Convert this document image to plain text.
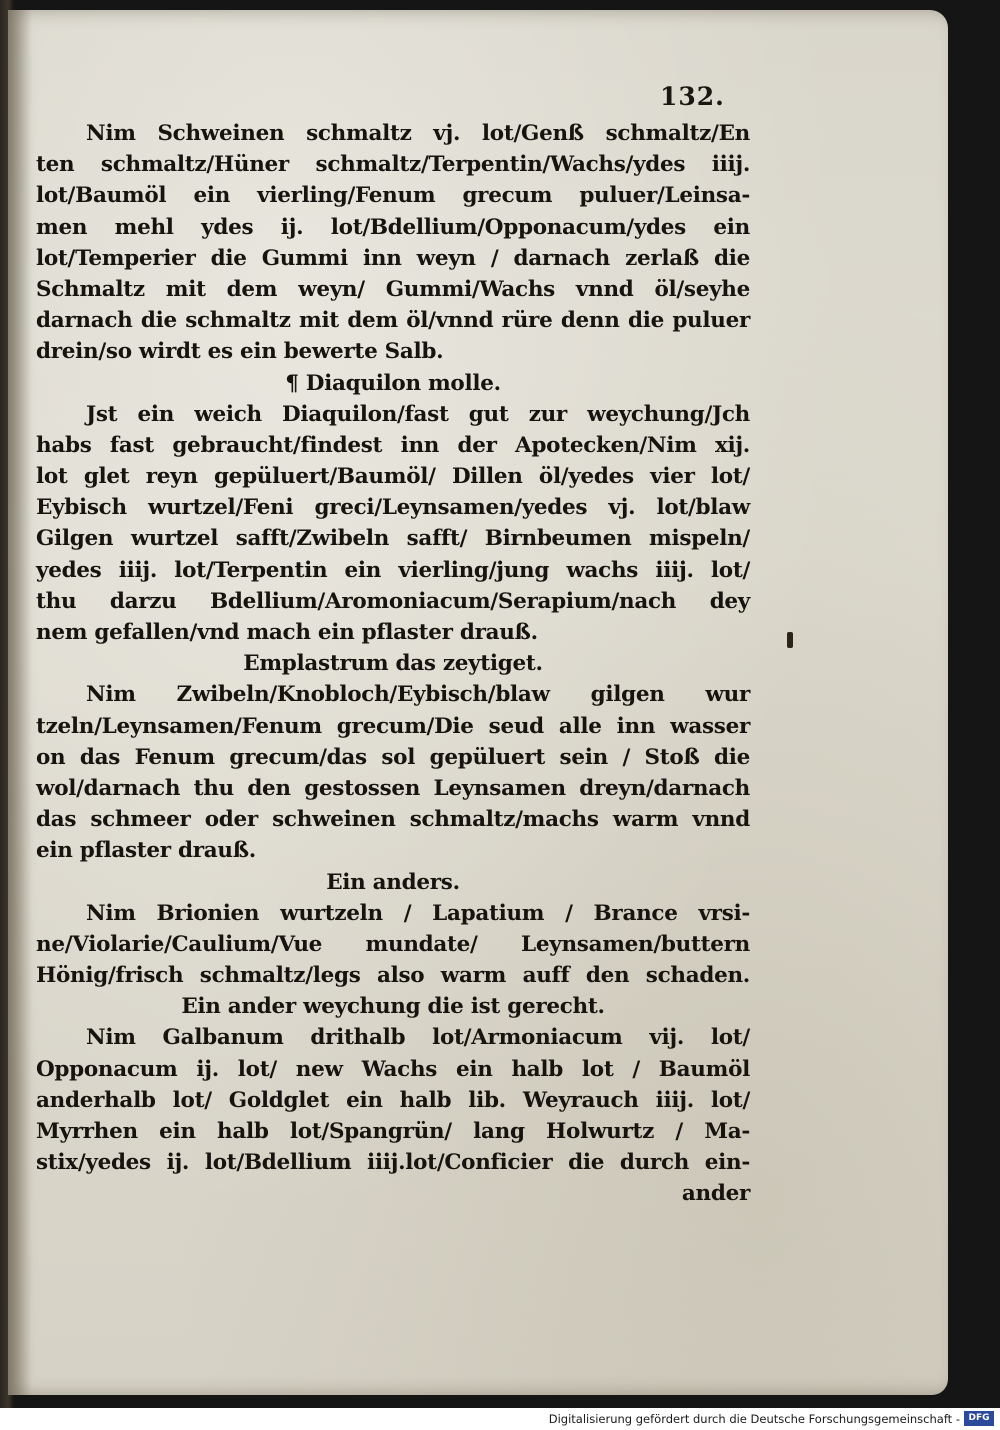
132.
Nim Schweinen schmaltz vj. lot/Genß schmaltz/En
ten schmaltz/Hüner schmaltz/Terpentin/Wachs/ydes iiij.
lot/Baumöl ein vierling/Fenum grecum puluer/Leinsa-
men mehl ydes ij. lot/Bdellium/Opponacum/ydes ein
lot/Temperier die Gummi inn weyn / darnach zerlaß die
Schmaltz mit dem weyn/ Gummi/Wachs vnnd öl/seyhe
darnach die schmaltz mit dem öl/vnnd rüre denn die puluer
drein/so wirdt es ein bewerte Salb.
¶ Diaquilon molle.
Jst ein weich Diaquilon/fast gut zur weychung/Jch
habs fast gebraucht/findest inn der Apotecken/Nim xij.
lot glet reyn gepüluert/Baumöl/ Dillen öl/yedes vier lot/
Eybisch wurtzel/Feni greci/Leynsamen/yedes vj. lot/blaw
Gilgen wurtzel safft/Zwibeln safft/ Birnbeumen mispeln/
yedes iiij. lot/Terpentin ein vierling/jung wachs iiij. lot/
thu darzu Bdellium/Aromoniacum/Serapium/nach dey
nem gefallen/vnd mach ein pflaster drauß.
Emplastrum das zeytiget.
Nim Zwibeln/Knobloch/Eybisch/blaw gilgen wur
tzeln/Leynsamen/Fenum grecum/Die seud alle inn wasser
on das Fenum grecum/das sol gepüluert sein / Stoß die
wol/darnach thu den gestossen Leynsamen dreyn/darnach
das schmeer oder schweinen schmaltz/machs warm vnnd
ein pflaster drauß.
Ein anders.
Nim Brionien wurtzeln / Lapatium / Brance vrsi-
ne/Violarie/Caulium/Vue mundate/ Leynsamen/buttern
Hönig/frisch schmaltz/legs also warm auff den schaden.
Ein ander weychung die ist gerecht.
Nim Galbanum drithalb lot/Armoniacum vij. lot/
Opponacum ij. lot/ new Wachs ein halb lot / Baumöl
anderhalb lot/ Goldglet ein halb lib. Weyrauch iiij. lot/
Myrrhen ein halb lot/Spangrün/ lang Holwurtz / Ma-
stix/yedes ij. lot/Bdellium iiij.lot/Conficier die durch ein-
ander
Digitalisierung gefördert durch die Deutsche Forschungsgemeinschaft - DFG
